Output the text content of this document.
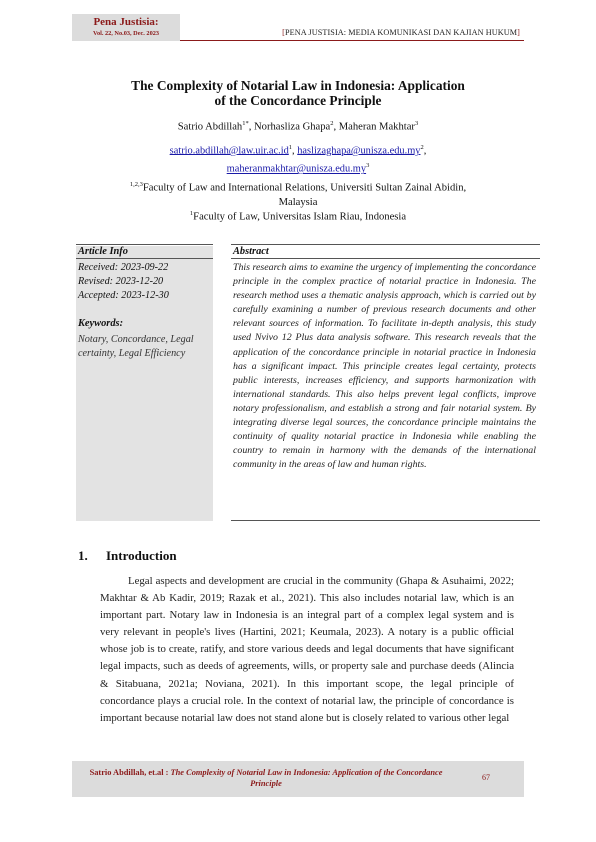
Pena Justisia:
Vol. 22, No.03, Dec. 2023	[PENA JUSTISIA: MEDIA KOMUNIKASI DAN KAJIAN HUKUM]
The Complexity of Notarial Law in Indonesia: Application
of the Concordance Principle
Satrio Abdillah$^{1*}$, Norhasliza Ghapa$^2$, Maheran Makhtar$^3$
$satrio.abdillah@law.uir.ac.id^1$, $haslizaghapa@unisza.edu.my^2$,
$maheranmakhtar@unisza.edu.my^3$
$^{1,2,3}$Faculty of Law and International Relations, Universiti Sultan Zainal Abidin,
Malaysia
$^1$Faculty of Law, Universitas Islam Riau, Indonesia
Article Info
Received: 2023-09-22
Revised: 2023-12-20
Accepted: 2023-12-30
Keywords:
Notary, Concordance, Legal certainty, Legal Efficiency
Abstract
This research aims to examine the urgency of implementing the concordance principle in the complex practice of notarial practice in Indonesia. The research method uses a thematic analysis approach, which is carried out by carefully examining a number of previous research documents and other relevant sources of information. To facilitate in-depth analysis, this study used Nvivo 12 Plus data analysis software. This research reveals that the application of the concordance principle in notarial practice in Indonesia has a significant impact. This principle creates legal certainty, protects public interests, increases efficiency, and supports harmonization with international standards. This also helps prevent legal conflicts, improve notary professionalism, and establish a strong and fair notarial system. By integrating diverse legal sources, the concordance principle maintains the continuity of quality notarial practice in Indonesia while enabling the country to remain in harmony with the demands of the international community in the areas of law and human rights.
1. Introduction
Legal aspects and development are crucial in the community (Ghapa & Asuhaimi, 2022; Makhtar & Ab Kadir, 2019; Razak et al., 2021). This also includes notarial law, which is an important part. Notary law in Indonesia is an integral part of a complex legal system and is very relevant in people's lives (Hartini, 2021; Keumala, 2023). A notary is a public official whose job is to create, ratify, and store various deeds and legal documents that have significant legal impacts, such as deeds of agreements, wills, or property sale and purchase deeds (Alincia & Sitabuana, 2021a; Noviana, 2021). In this important scope, the legal principle of concordance plays a crucial role. In the context of notarial law, the principle of concordance is important because notarial law does not stand alone but is closely related to various other legal
Satrio Abdillah, et.al : The Complexity of Notarial Law in Indonesia: Application of the Concordance Principle
67
